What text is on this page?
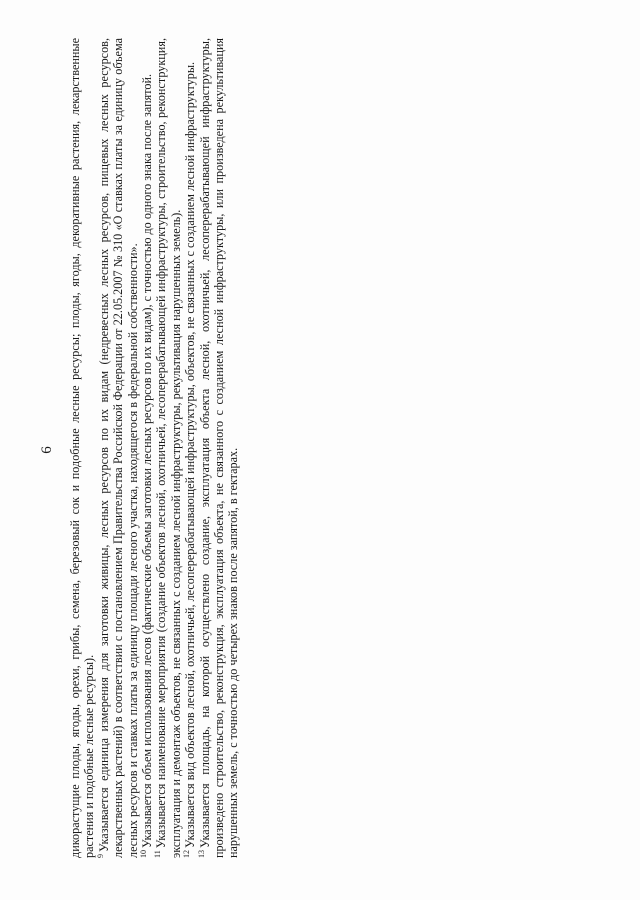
6 дикорастущие плоды, ягоды, орехи, грибы, семена, березовый сок и подобные лесные ресурсы; плоды, ягоды, декоративные растения, лекарственные растения и подобные лесные ресурсы). $^9$Указывается единица измерения для заготовки живицы, лесных ресурсов по их видам (недревесных лесных ресурсов, пищевых лесных ресурсов, лекарственных растений) в соответствии с постановлением Правительства Российской Федерации от 22.05.2007 № 310 «О ставках платы за единицу объема лесных ресурсов и ставках платы за единицу площади лесного участка, находящегося в федеральной собственности». $^{10}$Указывается объем использования лесов (фактические объемы заготовки лесных ресурсов по их видам), с точностью до одного знака после запятой.

$^{11}$Указывается наименование мероприятия (создание объектов лесной, охотничьей, лесоперерабатывающей инфраструктуры, строительство, реконструкция, эксплуатация и демонтаж объектов, не связанных с созданием лесной инфраструктуры, рекультивация нарушенных земель). $^{12}$Указывается вид объектов лесной, охотничьей, лесоперерабатывающей инфраструктуры, объектов, не связанных с созданием лесной инфраструктуры.

$^{13}$Указывается площадь, на которой осуществлено создание, эксплуатация объекта лесной, охотничьей, лесоперерабатывающей инфраструктуры, произведено строительство, реконструкция, эксплуатация объекта, не связанного с созданием лесной инфраструктуры, или произведена рекультивация нарушенных земель, с точностью до четырех знаков после запятой, в гектарах.
